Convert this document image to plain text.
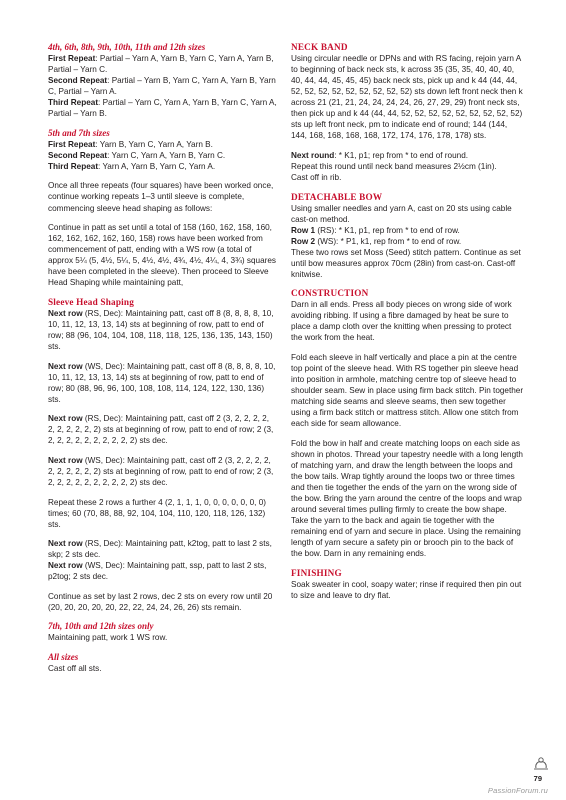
4th, 6th, 8th, 9th, 10th, 11th and 12th sizes

First Repeat: Partial – Yarn A, Yarn B, Yarn C, Yarn A, Yarn B, Partial – Yarn C.

Second Repeat: Partial – Yarn B, Yarn C, Yarn A, Yarn B, Yarn C, Partial – Yarn A.

Third Repeat: Partial – Yarn C, Yarn A, Yarn B, Yarn C, Yarn A, Partial – Yarn B.

5th and 7th sizes

First Repeat: Yarn B, Yarn C, Yarn A, Yarn B.

Second Repeat: Yarn C, Yarn A, Yarn B, Yarn C.

Third Repeat: Yarn A, Yarn B, Yarn C, Yarn A.

Once all three repeats (four squares) have been worked once, continue working repeats 1–3 until sleeve is complete, commencing sleeve head shaping as follows:

Continue in patt as set until a total of 158 (160, 162, 158, 160, 162, 162, 162, 162, 160, 158) rows have been worked from commencement of patt, ending with a WS row (a total of approx 5¼ (5, 4½, 5¼, 5, 4½, 4½, 4¾, 4½, 4¼, 4, 3¾) squares have been completed in the sleeve). Then proceed to Sleeve Head Shaping while maintaining patt,

Sleeve Head Shaping

Next row (RS, Dec): Maintaining patt, cast off 8 (8, 8, 8, 8, 10, 10, 11, 12, 13, 13, 14) sts at beginning of row, patt to end of row; 88 (96, 104, 104, 108, 118, 118, 125, 136, 135, 143, 150) sts.

Next row (WS, Dec): Maintaining patt, cast off 8 (8, 8, 8, 8, 10, 10, 11, 12, 13, 13, 14) sts at beginning of row, patt to end of row; 80 (88, 96, 96, 100, 108, 108, 114, 124, 122, 130, 136) sts.

Next row (RS, Dec): Maintaining patt, cast off 2 (3, 2, 2, 2, 2, 2, 2, 2, 2, 2, 2) sts at beginning of row, patt to end of row; 2 (3, 2, 2, 2, 2, 2, 2, 2, 2, 2, 2) sts dec.

Next row (WS, Dec): Maintaining patt, cast off 2 (3, 2, 2, 2, 2, 2, 2, 2, 2, 2, 2) sts at beginning of row, patt to end of row; 2 (3, 2, 2, 2, 2, 2, 2, 2, 2, 2, 2) sts dec.

Repeat these 2 rows a further 4 (2, 1, 1, 1, 0, 0, 0, 0, 0, 0, 0) times; 60 (70, 88, 88, 92, 104, 104, 110, 120, 118, 126, 132) sts.

Next row (RS, Dec): Maintaining patt, k2tog, patt to last 2 sts, skp; 2 sts dec.

Next row (WS, Dec): Maintaining patt, ssp, patt to last 2 sts, p2tog; 2 sts dec.

Continue as set by last 2 rows, dec 2 sts on every row until 20 (20, 20, 20, 20, 20, 22, 22, 24, 24, 26, 26) sts remain.

7th, 10th and 12th sizes only

Maintaining patt, work 1 WS row.

All sizes

Cast off all sts.

NECK BAND

Using circular needle or DPNs and with RS facing, rejoin yarn A to beginning of back neck sts, k across 35 (35, 35, 40, 40, 40, 40, 44, 44, 45, 45, 45) back neck sts, pick up and k 44 (44, 44, 52, 52, 52, 52, 52, 52, 52, 52, 52) sts down left front neck then k across 21 (21, 21, 24, 24, 24, 24, 26, 27, 29, 29) front neck sts, then pick up and k 44 (44, 44, 52, 52, 52, 52, 52, 52, 52, 52, 52) sts up left front neck, pm to indicate end of round; 144 (144, 144, 168, 168, 168, 168, 172, 174, 176, 178, 178) sts.

Next round: * K1, p1; rep from * to end of round.

Repeat this round until neck band measures 2½cm (1in).

Cast off in rib.

DETACHABLE BOW

Using smaller needles and yarn A, cast on 20 sts using cable cast-on method.

Row 1 (RS): * K1, p1, rep from * to end of row.

Row 2 (WS): * P1, k1, rep from * to end of row.

These two rows set Moss (Seed) stitch pattern. Continue as set until bow measures approx 70cm (28in) from cast-on. Cast-off knitwise.

CONSTRUCTION

Darn in all ends. Press all body pieces on wrong side of work avoiding ribbing. If using a fibre damaged by heat be sure to place a damp cloth over the knitting when pressing to protect the work from the heat.

Fold each sleeve in half vertically and place a pin at the centre top point of the sleeve head. With RS together pin sleeve head into position in armhole, matching centre top of sleeve head to shoulder seam. Sew in place using firm back stitch. Pin together matching side seams and sleeve seams, then sew together using a firm back stitch or mattress stitch. Allow one stitch from each side for seam allowance.

Fold the bow in half and create matching loops on each side as shown in photos. Thread your tapestry needle with a long length of matching yarn, and draw the length between the loops and the bow tails. Wrap tightly around the loops two or three times and then tie together the ends of the yarn on the wrong side of the bow. Bring the yarn around the centre of the loops and wrap around several times pulling firmly to create the bow shape. Take the yarn to the back and again tie together with the remaining end of yarn and secure in place. Using the remaining length of yarn secure a safety pin or brooch pin to the back of the bow. Darn in any remaining ends.

FINISHING

Soak sweater in cool, soapy water; rinse if required then pin out to size and leave to dry flat.

79
PassionForum.ru
